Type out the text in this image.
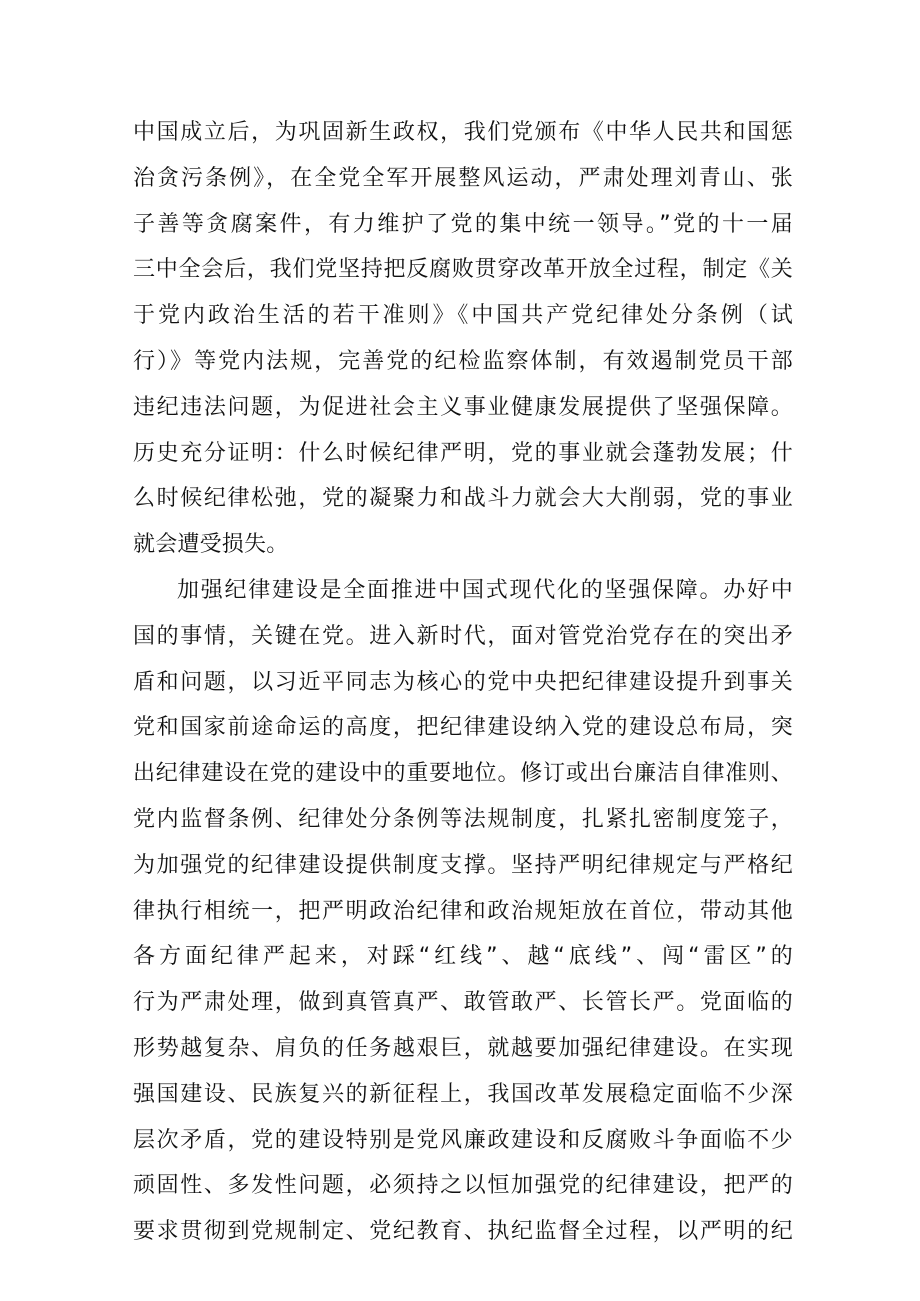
中国成立后，为巩固新生政权，我们党颁布《中华人民共和国惩
治贪污条例》，在全党全军开展整风运动，严肃处理刘青山、张
子善等贪腐案件，有力维护了党的集中统一领导。”党的十一届
三中全会后，我们党坚持把反腐败贯穿改革开放全过程，制定《关
于党内政治生活的若干准则》《中国共产党纪律处分条例（试
行）》等党内法规，完善党的纪检监察体制，有效遏制党员干部
违纪违法问题，为促进社会主义事业健康发展提供了坚强保障。
历史充分证明：什么时候纪律严明，党的事业就会蓬勃发展；什
么时候纪律松弛，党的凝聚力和战斗力就会大大削弱，党的事业
就会遭受损失。
加强纪律建设是全面推进中国式现代化的坚强保障。办好中
国的事情，关键在党。进入新时代，面对管党治党存在的突出矛
盾和问题，以习近平同志为核心的党中央把纪律建设提升到事关
党和国家前途命运的高度，把纪律建设纳入党的建设总布局，突
出纪律建设在党的建设中的重要地位。修订或出台廉洁自律准则、
党内监督条例、纪律处分条例等法规制度，扎紧扎密制度笼子，
为加强党的纪律建设提供制度支撑。坚持严明纪律规定与严格纪
律执行相统一，把严明政治纪律和政治规矩放在首位，带动其他
各方面纪律严起来，对踩“红线”、越“底线”、闯“雷区”的
行为严肃处理，做到真管真严、敢管敢严、长管长严。党面临的
形势越复杂、肩负的任务越艰巨，就越要加强纪律建设。在实现
强国建设、民族复兴的新征程上，我国改革发展稳定面临不少深
层次矛盾，党的建设特别是党风廉政建设和反腐败斗争面临不少
顽固性、多发性问题，必须持之以恒加强党的纪律建设，把严的
要求贯彻到党规制定、党纪教育、执纪监督全过程，以严明的纪
